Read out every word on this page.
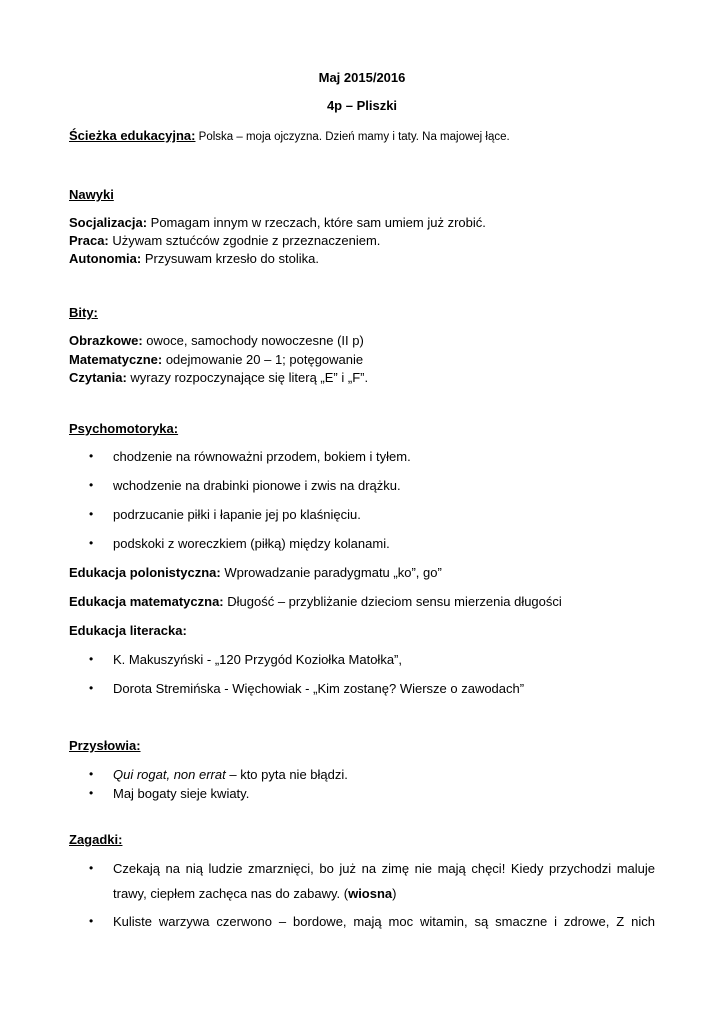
Maj 2015/2016
4p – Pliszki
Ścieżka edukacyjna: Polska – moja ojczyzna. Dzień mamy i taty. Na majowej łące.
Nawyki
Socjalizacja: Pomagam innym w rzeczach, które sam umiem już zrobić.
Praca: Używam sztućców zgodnie z przeznaczeniem.
Autonomia: Przysuwam krzesło do stolika.
Bity:
Obrazkowe: owoce, samochody nowoczesne (II p)
Matematyczne: odejmowanie 20 – 1; potęgowanie
Czytania: wyrazy rozpoczynające się literą „E” i „F”.
Psychomotoryka:
• chodzenie na równoważni przodem, bokiem i tyłem.
• wchodzenie na drabinki pionowe i zwis na drążku.
• podrzucanie piłki i łapanie jej po klaśnięciu.
• podskoki z woreczkiem (piłką) między kolanami.
Edukacja polonistyczna: Wprowadzanie paradygmatu „ko”, go”
Edukacja matematyczna: Długość – przybliżanie dzieciom sensu mierzenia długości
Edukacja literacka:
• K. Makuszyński - „120 Przygód Koziołka Matołka”,
• Dorota Stremińska - Więchowiak - „Kim zostanę? Wiersze o zawodach”
Przysłowia:
• Qui rogat, non errat – kto pyta nie błądzi.
• Maj bogaty sieje kwiaty.
Zagadki:
• Czekają na nią ludzie zmarznięci, bo już na zimę nie mają chęci! Kiedy przychodzi maluje
trawy, ciepłem zachęca nas do zabawy. (wiosna)
• Kuliste warzywa czerwono – bordowe, mają moc witamin, są smaczne i zdrowe, Z nich
